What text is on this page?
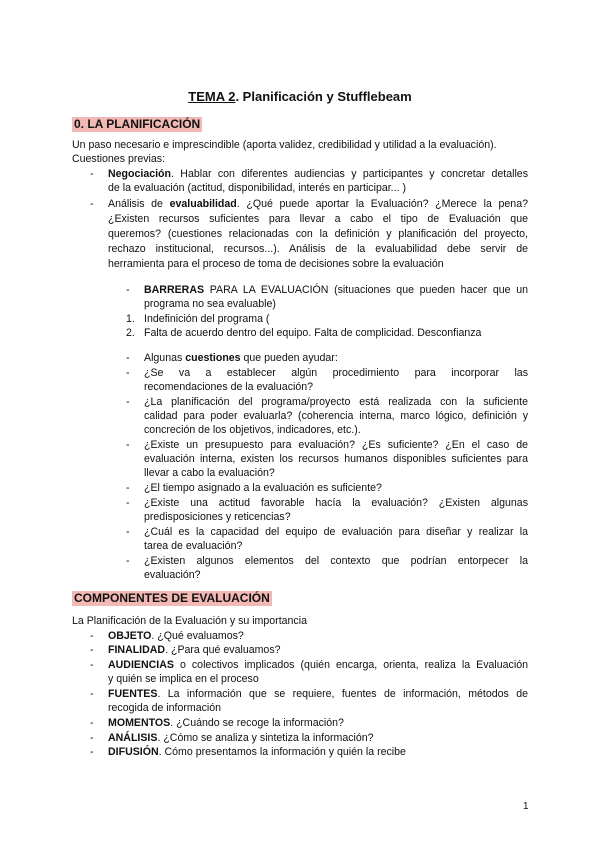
TEMA 2. Planificación y Stufflebeam
0. LA PLANIFICACIÓN
Un paso necesario e imprescindible (aporta validez, credibilidad y utilidad a la evaluación).
Cuestiones previas:
- Negociación. Hablar con diferentes audiencias y participantes y concretar detalles
de la evaluación (actitud, disponibilidad, interés en participar... )
- Análisis de evaluabilidad. ¿Qué puede aportar la Evaluación? ¿Merece la pena?
¿Existen recursos suficientes para llevar a cabo el tipo de Evaluación que
queremos? (cuestiones relacionadas con la definición y planificación del proyecto,
rechazo institucional, recursos...). Análisis de la evaluabilidad debe servir de
herramienta para el proceso de toma de decisiones sobre la evaluación
- BARRERAS PARA LA EVALUACIÓN (situaciones que pueden hacer que un
programa no sea evaluable)
1. Indefinición del programa (
2. Falta de acuerdo dentro del equipo. Falta de complicidad. Desconfianza
- Algunas cuestiones que pueden ayudar:
- ¿Se va a establecer algún procedimiento para incorporar las
recomendaciones de la evaluación?
- ¿La planificación del programa/proyecto está realizada con la suficiente
calidad para poder evaluarla? (coherencia interna, marco lógico, definición y
concreción de los objetivos, indicadores, etc.).
- ¿Existe un presupuesto para evaluación? ¿Es suficiente? ¿En el caso de
evaluación interna, existen los recursos humanos disponibles suficientes para
llevar a cabo la evaluación?
- ¿El tiempo asignado a la evaluación es suficiente?
- ¿Existe una actitud favorable hacía la evaluación? ¿Existen algunas
predisposiciones y reticencias?
- ¿Cuál es la capacidad del equipo de evaluación para diseñar y realizar la
tarea de evaluación?
- ¿Existen algunos elementos del contexto que podrían entorpecer la
evaluación?
COMPONENTES DE EVALUACIÓN
La Planificación de la Evaluación y su importancia
- OBJETO. ¿Qué evaluamos?
- FINALIDAD. ¿Para qué evaluamos?
- AUDIENCIAS o colectivos implicados (quién encarga, orienta, realiza la Evaluación
y quién se implica en el proceso
- FUENTES. La información que se requiere, fuentes de información, métodos de
recogida de información
- MOMENTOS. ¿Cuándo se recoge la información?
- ANÁLISIS. ¿Cómo se analiza y sintetiza la información?
- DIFUSIÓN. Cómo presentamos la información y quién la recibe
1
